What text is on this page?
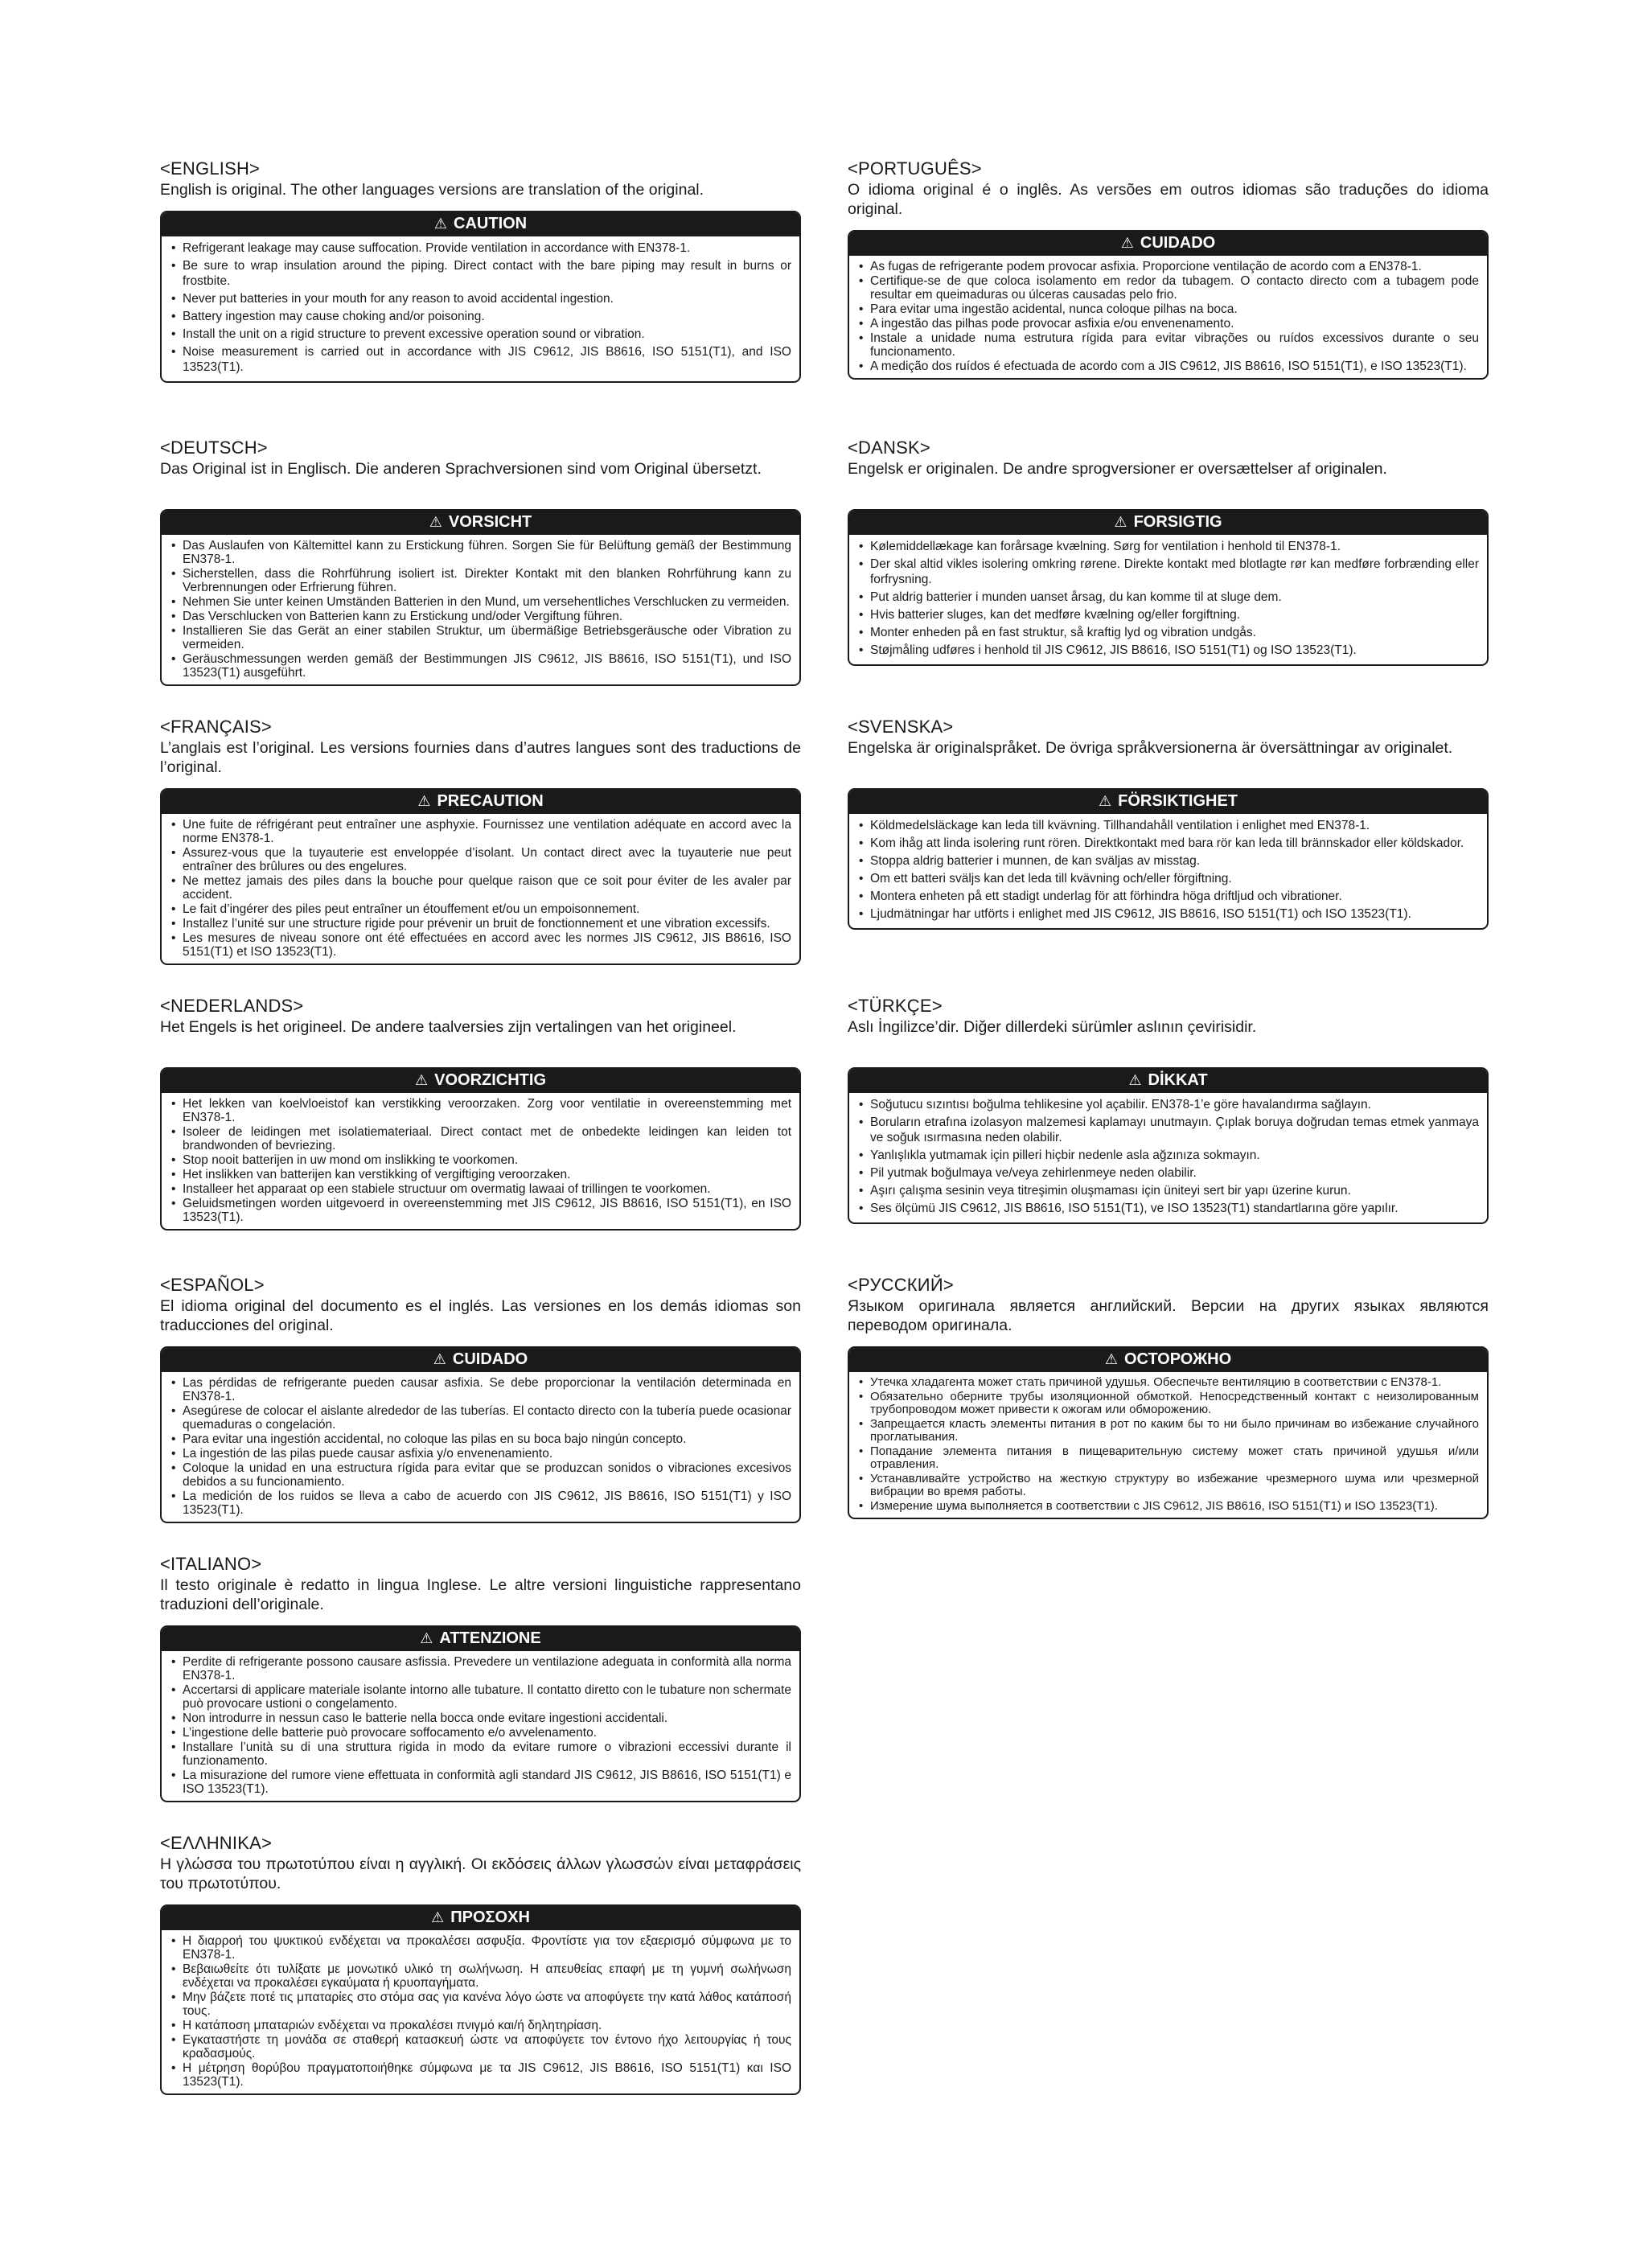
<ENGLISH>

English is original. The other languages versions are translation of the original.

⚠ CAUTION
• Refrigerant leakage may cause suffocation. Provide ventilation in accordance with EN378-1.
• Be sure to wrap insulation around the piping. Direct contact with the bare piping may result in burns or frostbite.
• Never put batteries in your mouth for any reason to avoid accidental ingestion.
• Battery ingestion may cause choking and/or poisoning.
• Install the unit on a rigid structure to prevent excessive operation sound or vibration.
• Noise measurement is carried out in accordance with JIS C9612, JIS B8616, ISO 5151(T1), and ISO 13523(T1).
<DEUTSCH>

Das Original ist in Englisch. Die anderen Sprachversionen sind vom Original übersetzt.

⚠ VORSICHT
• Das Auslaufen von Kältemittel kann zu Erstickung führen. Sorgen Sie für Belüftung gemäß der Bestimmung EN378-1.
• Sicherstellen, dass die Rohrführung isoliert ist. Direkter Kontakt mit den blanken Rohrführung kann zu Verbrennungen oder Erfrierung führen.
• Nehmen Sie unter keinen Umständen Batterien in den Mund, um versehentliches Verschlucken zu vermeiden.
• Das Verschlucken von Batterien kann zu Erstickung und/oder Vergiftung führen.
• Installieren Sie das Gerät an einer stabilen Struktur, um übermäßige Betriebsgeräusche oder Vibration zu vermeiden.
• Geräuschmessungen werden gemäß der Bestimmungen JIS C9612, JIS B8616, ISO 5151(T1), und ISO 13523(T1) ausgeführt.
<FRANÇAIS>

L’anglais est l’original. Les versions fournies dans d’autres langues sont des traductions de l’original.

⚠ PRECAUTION
• Une fuite de réfrigérant peut entraîner une asphyxie. Fournissez une ventilation adéquate en accord avec la norme EN378-1.
• Assurez-vous que la tuyauterie est enveloppée d’isolant. Un contact direct avec la tuyauterie nue peut entraîner des brûlures ou des engelures.
• Ne mettez jamais des piles dans la bouche pour quelque raison que ce soit pour éviter de les avaler par accident.
• Le fait d’ingérer des piles peut entraîner un étouffement et/ou un empoisonnement.
• Installez l’unité sur une structure rigide pour prévenir un bruit de fonctionnement et une vibration excessifs.
• Les mesures de niveau sonore ont été effectuées en accord avec les normes JIS C9612, JIS B8616, ISO 5151(T1) et ISO 13523(T1).
<NEDERLANDS>

Het Engels is het origineel. De andere taalversies zijn vertalingen van het origineel.

⚠ VOORZICHTIG
• Het lekken van koelvloeistof kan verstikking veroorzaken. Zorg voor ventilatie in overeenstemming met EN378-1.
• Isoleer de leidingen met isolatiemateriaal. Direct contact met de onbedekte leidingen kan leiden tot brandwonden of bevriezing.
• Stop nooit batterijen in uw mond om inslikking te voorkomen.
• Het inslikken van batterijen kan verstikking of vergiftiging veroorzaken.
• Installeer het apparaat op een stabiele structuur om overmatig lawaai of trillingen te voorkomen.
• Geluidsmetingen worden uitgevoerd in overeenstemming met JIS C9612, JIS B8616, ISO 5151(T1), en ISO 13523(T1).
<ESPAÑOL>

El idioma original del documento es el inglés. Las versiones en los demás idiomas son traducciones del original.

⚠ CUIDADO
• Las pérdidas de refrigerante pueden causar asfixia. Se debe proporcionar la ventilación determinada en EN378-1.
• Asegúrese de colocar el aislante alrededor de las tuberías. El contacto directo con la tubería puede ocasionar quemaduras o congelación.
• Para evitar una ingestión accidental, no coloque las pilas en su boca bajo ningún concepto.
• La ingestión de las pilas puede causar asfixia y/o envenenamiento.
• Coloque la unidad en una estructura rígida para evitar que se produzcan sonidos o vibraciones excesivos debidos a su funcionamiento.
• La medición de los ruidos se lleva a cabo de acuerdo con JIS C9612, JIS B8616, ISO 5151(T1) y ISO 13523(T1).
<ITALIANO>

Il testo originale è redatto in lingua Inglese. Le altre versioni linguistiche rappresentano traduzioni dell’originale.

⚠ ATTENZIONE
• Perdite di refrigerante possono causare asfissia. Prevedere un ventilazione adeguata in conformità alla norma EN378-1.
• Accertarsi di applicare materiale isolante intorno alle tubature. Il contatto diretto con le tubature non schermate può provocare ustioni o congelamento.
• Non introdurre in nessun caso le batterie nella bocca onde evitare ingestioni accidentali.
• L’ingestione delle batterie può provocare soffocamento e/o avvelenamento.
• Installare l’unità su di una struttura rigida in modo da evitare rumore o vibrazioni eccessivi durante il funzionamento.
• La misurazione del rumore viene effettuata in conformità agli standard JIS C9612, JIS B8616, ISO 5151(T1) e ISO 13523(T1).
<ΕΛΛΗΝΙΚΑ>

Η γλώσσα του πρωτοτύπου είναι η αγγλική. Οι εκδόσεις άλλων γλωσσών είναι μεταφράσεις του πρωτοτύπου.

⚠ ΠΡΟΣΟΧΗ
• Η διαρροή του ψυκτικού ενδέχεται να προκαλέσει ασφυξία. Φροντίστε για τον εξαερισμό σύμφωνα με το EN378-1.
• Βεβαιωθείτε ότι τυλίξατε με μονωτικό υλικό τη σωλήνωση. Η απευθείας επαφή με τη γυμνή σωλήνωση ενδέχεται να προκαλέσει εγκαύματα ή κρυοπαγήματα.
• Μην βάζετε ποτέ τις μπαταρίες στο στόμα σας για κανένα λόγο ώστε να αποφύγετε την κατά λάθος κατάποσή τους.
• Η κατάποση μπαταριών ενδέχεται να προκαλέσει πνιγμό και/ή δηλητηρίαση.
• Εγκαταστήστε τη μονάδα σε σταθερή κατασκευή ώστε να αποφύγετε τον έντονο ήχο λειτουργίας ή τους κραδασμούς.
• Η μέτρηση θορύβου πραγματοποιήθηκε σύμφωνα με τα JIS C9612, JIS B8616, ISO 5151(T1) και ISO 13523(T1).
<PORTUGUÊS>

O idioma original é o inglês. As versões em outros idiomas são traduções do idioma original.

⚠ CUIDADO
• As fugas de refrigerante podem provocar asfixia. Proporcione ventilação de acordo com a EN378-1.
• Certifique-se de que coloca isolamento em redor da tubagem. O contacto directo com a tubagem pode resultar em queimaduras ou úlceras causadas pelo frio.
• Para evitar uma ingestão acidental, nunca coloque pilhas na boca.
• A ingestão das pilhas pode provocar asfixia e/ou envenenamento.
• Instale a unidade numa estrutura rígida para evitar vibrações ou ruídos excessivos durante o seu funcionamento.
• A medição dos ruídos é efectuada de acordo com a JIS C9612, JIS B8616, ISO 5151(T1), e ISO 13523(T1).
<DANSK>

Engelsk er originalen. De andre sprogversioner er oversættelser af originalen.

⚠ FORSIGTIG
• Kølemiddellækage kan forårsage kvælning. Sørg for ventilation i henhold til EN378-1.
• Der skal altid vikles isolering omkring rørene. Direkte kontakt med blotlagte rør kan medføre forbrænding eller forfrysning.
• Put aldrig batterier i munden uanset årsag, du kan komme til at sluge dem.
• Hvis batterier sluges, kan det medføre kvælning og/eller forgiftning.
• Monter enheden på en fast struktur, så kraftig lyd og vibration undgås.
• Støjmåling udføres i henhold til JIS C9612, JIS B8616, ISO 5151(T1) og ISO 13523(T1).
<SVENSKA>

Engelska är originalspråket. De övriga språkversionerna är översättningar av originalet.

⚠ FÖRSIKTIGHET
• Köldmedelsläckage kan leda till kvävning. Tillhandahåll ventilation i enlighet med EN378-1.
• Kom ihåg att linda isolering runt rören. Direktkontakt med bara rör kan leda till brännskador eller köldskador.
• Stoppa aldrig batterier i munnen, de kan sväljas av misstag.
• Om ett batteri sväljs kan det leda till kvävning och/eller förgiftning.
• Montera enheten på ett stadigt underlag för att förhindra höga driftljud och vibrationer.
• Ljudmätningar har utförts i enlighet med JIS C9612, JIS B8616, ISO 5151(T1) och ISO 13523(T1).
<TÜRKÇE>

Aslı İngilizce’dir. Diğer dillerdeki sürümler aslının çevirisidir.

⚠ DİKKAT
• Soğutucu sızıntısı boğulma tehlikesine yol açabilir. EN378-1’e göre havalandırma sağlayın.
• Boruların etrafına izolasyon malzemesi kaplamayı unutmayın. Çıplak boruya doğrudan temas etmek yanmaya ve soğuk ısırmasına neden olabilir.
• Yanlışlıkla yutmamak için pilleri hiçbir nedenle asla ağzınıza sokmayın.
• Pil yutmak boğulmaya ve/veya zehirlenmeye neden olabilir.
• Aşırı çalışma sesinin veya titreşimin oluşmaması için üniteyi sert bir yapı üzerine kurun.
• Ses ölçümü JIS C9612, JIS B8616, ISO 5151(T1), ve ISO 13523(T1) standartlarına göre yapılır.
<РУССКИЙ>

Языком оригинала является английский. Версии на других языках являются переводом оригинала.

⚠ ОСТОРОЖНО
• Утечка хладагента может стать причиной удушья. Обеспечьте вентиляцию в соответствии с EN378-1.
• Обязательно оберните трубы изоляционной обмоткой. Непосредственный контакт с неизолированным трубопроводом может привести к ожогам или обморожению.
• Запрещается класть элементы питания в рот по каким бы то ни было причинам во избежание случайного проглатывания.
• Попадание элемента питания в пищеварительную систему может стать причиной удушья и/или отравления.
• Устанавливайте устройство на жесткую структуру во избежание чрезмерного шума или чрезмерной вибрации во время работы.
• Измерение шума выполняется в соответствии с JIS C9612, JIS B8616, ISO 5151(T1) и ISO 13523(T1).
